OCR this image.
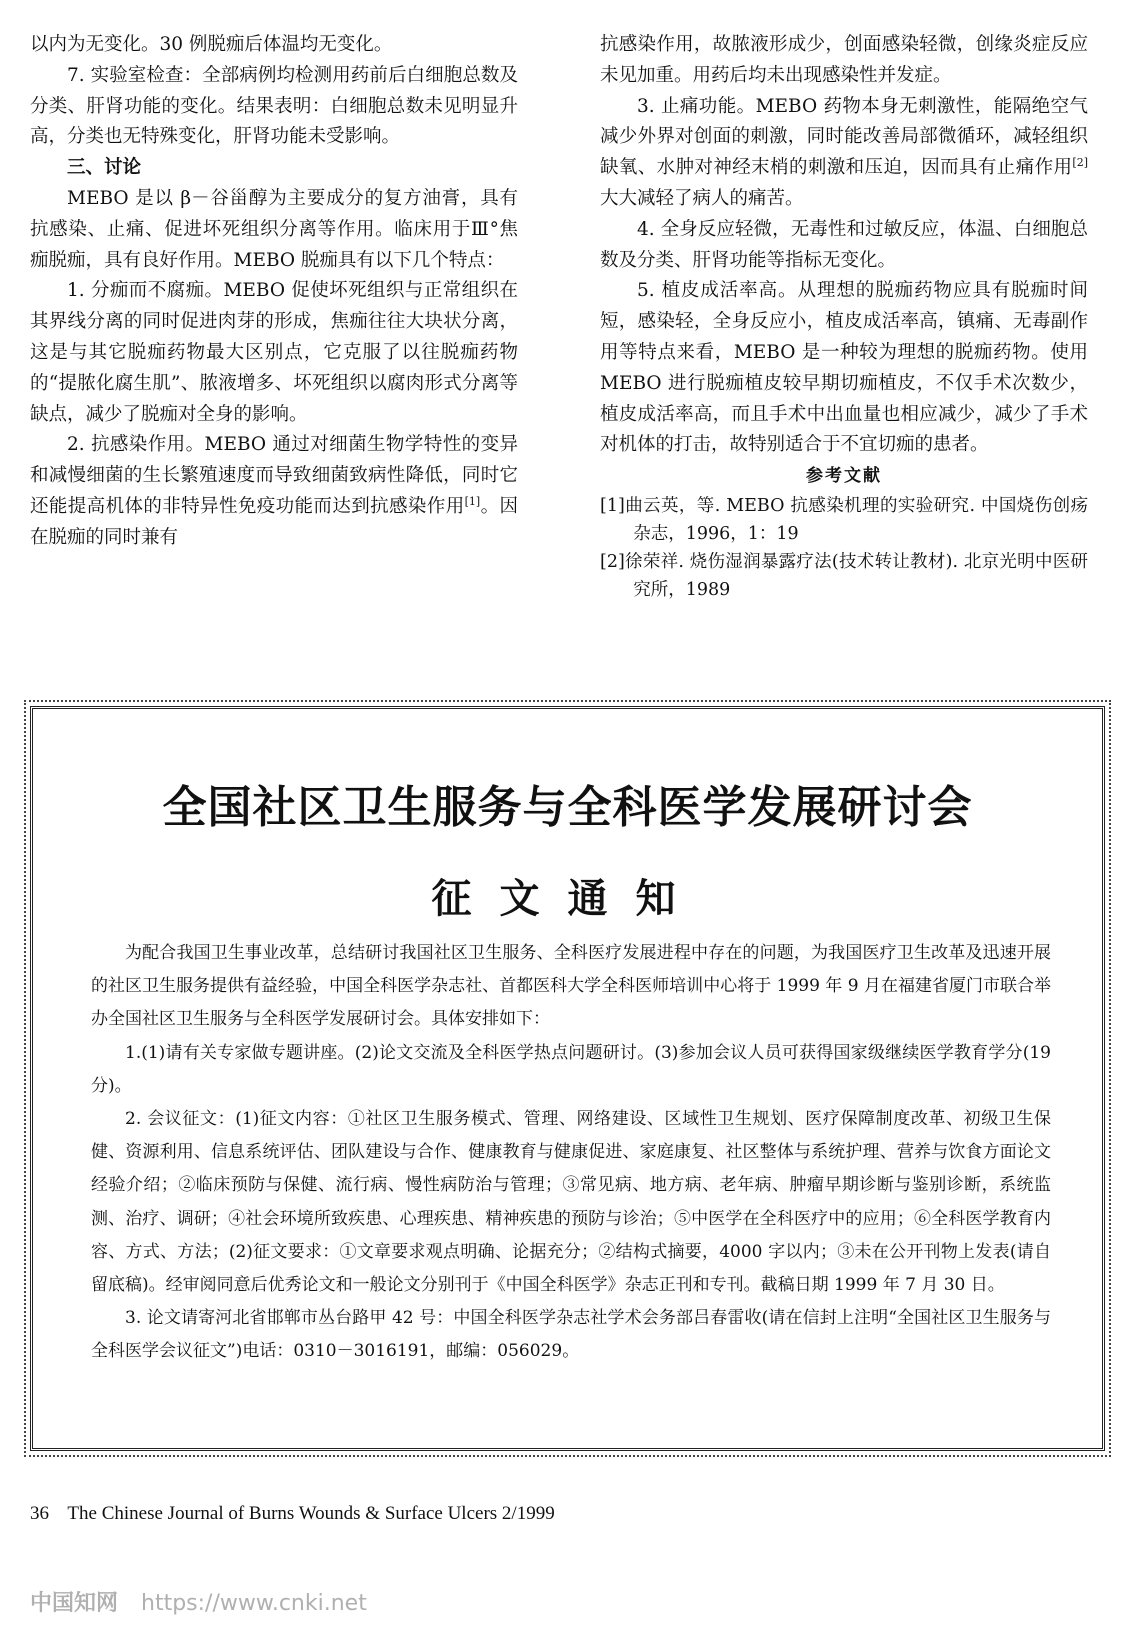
以内为无变化。30 例脱痂后体温均无变化。

7. 实验室检查：全部病例均检测用药前后白细胞总数及分类、肝肾功能的变化。结果表明：白细胞总数未见明显升高，分类也无特殊变化，肝肾功能未受影响。

三、讨论

MEBO 是以 β－谷甾醇为主要成分的复方油膏，具有抗感染、止痛、促进坏死组织分离等作用。临床用于Ⅲ°焦痂脱痂，具有良好作用。MEBO 脱痂具有以下几个特点：

1. 分痂而不腐痂。MEBO 促使坏死组织与正常组织在其界线分离的同时促进肉芽的形成，焦痂往往大块状分离，这是与其它脱痂药物最大区别点，它克服了以往脱痂药物的“提脓化腐生肌”、脓液增多、坏死组织以腐肉形式分离等缺点，减少了脱痂对全身的影响。

2. 抗感染作用。MEBO 通过对细菌生物学特性的变异和减慢细菌的生长繁殖速度而导致细菌致病性降低，同时它还能提高机体的非特异性免疫功能而达到抗感染作用[1]。因在脱痂的同时兼有

抗感染作用，故脓液形成少，创面感染轻微，创缘炎症反应未见加重。用药后均未出现感染性并发症。

3. 止痛功能。MEBO 药物本身无刺激性，能隔绝空气减少外界对创面的刺激，同时能改善局部微循环，减轻组织缺氧、水肿对神经末梢的刺激和压迫，因而具有止痛作用[2]大大减轻了病人的痛苦。

4. 全身反应轻微，无毒性和过敏反应，体温、白细胞总数及分类、肝肾功能等指标无变化。

5. 植皮成活率高。从理想的脱痂药物应具有脱痂时间短，感染轻，全身反应小，植皮成活率高，镇痛、无毒副作用等特点来看，MEBO 是一种较为理想的脱痂药物。使用 MEBO 进行脱痂植皮较早期切痂植皮，不仅手术次数少，植皮成活率高，而且手术中出血量也相应减少，减少了手术对机体的打击，故特别适合于不宜切痂的患者。

参考文献

[1]曲云英，等. MEBO 抗感染机理的实验研究. 中国烧伤创疡杂志，1996，1：19

[2]徐荣祥. 烧伤湿润暴露疗法(技术转让教材). 北京光明中医研究所，1989

全国社区卫生服务与全科医学发展研讨会
征文通知

为配合我国卫生事业改革，总结研讨我国社区卫生服务、全科医疗发展进程中存在的问题，为我国医疗卫生改革及迅速开展的社区卫生服务提供有益经验，中国全科医学杂志社、首都医科大学全科医师培训中心将于 1999 年 9 月在福建省厦门市联合举办全国社区卫生服务与全科医学发展研讨会。具体安排如下：

1.(1)请有关专家做专题讲座。(2)论文交流及全科医学热点问题研讨。(3)参加会议人员可获得国家级继续医学教育学分(19 分)。

2. 会议征文：(1)征文内容：①社区卫生服务模式、管理、网络建设、区域性卫生规划、医疗保障制度改革、初级卫生保健、资源利用、信息系统评估、团队建设与合作、健康教育与健康促进、家庭康复、社区整体与系统护理、营养与饮食方面论文经验介绍；②临床预防与保健、流行病、慢性病防治与管理；③常见病、地方病、老年病、肿瘤早期诊断与鉴别诊断，系统监测、治疗、调研；④社会环境所致疾患、心理疾患、精神疾患的预防与诊治；⑤中医学在全科医疗中的应用；⑥全科医学教育内容、方式、方法；(2)征文要求：①文章要求观点明确、论据充分；②结构式摘要，4000 字以内；③未在公开刊物上发表(请自留底稿)。经审阅同意后优秀论文和一般论文分别刊于《中国全科医学》杂志正刊和专刊。截稿日期 1999 年 7 月 30 日。

3. 论文请寄河北省邯郸市丛台路甲 42 号：中国全科医学杂志社学术会务部吕春雷收(请在信封上注明“全国社区卫生服务与全科医学会议征文”)电话：0310－3016191，邮编：056029。

36 The Chinese Journal of Burns Wounds & Surface Ulcers 2/1999
中国知网 https://www.cnki.net
